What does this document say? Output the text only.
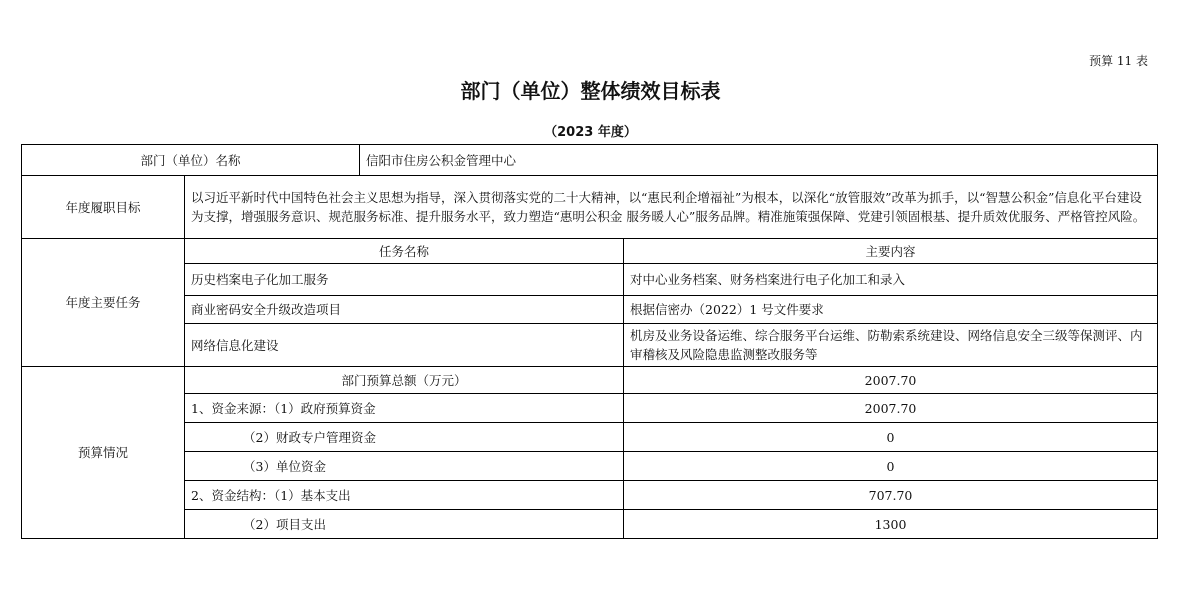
预算 11 表
部门（单位）整体绩效目标表
（2023 年度）
部门（单位）名称		信阳市住房公积金管理中心	
年度履职目标	以习近平新时代中国特色社会主义思想为指导，深入贯彻落实党的二十大精神，以“惠民利企增福祉”为根本，以深化“放管服效”改革为抓手，以“智慧公积金”信息化平台建设为支撑，增强服务意识、规范服务标准、提升服务水平，致力塑造“惠明公积金 服务暖人心”服务品牌。精准施策强保障、党建引领固根基、提升质效优服务、严格管控风险。		
年度主要任务	任务名称		主要内容
	历史档案电子化加工服务		对中心业务档案、财务档案进行电子化加工和录入
	商业密码安全升级改造项目		根据信密办（2022）1 号文件要求
	网络信息化建设		机房及业务设备运维、综合服务平台运维、防勒索系统建设、网络信息安全三级等保测评、内审稽核及风险隐患监测整改服务等
预算情况	部门预算总额（万元）		2007.70
	1、资金来源：（1）政府预算资金		2007.70
	（2）财政专户管理资金		0
	（3）单位资金		0
	2、资金结构：（1）基本支出		707.70
	（2）项目支出		1300
